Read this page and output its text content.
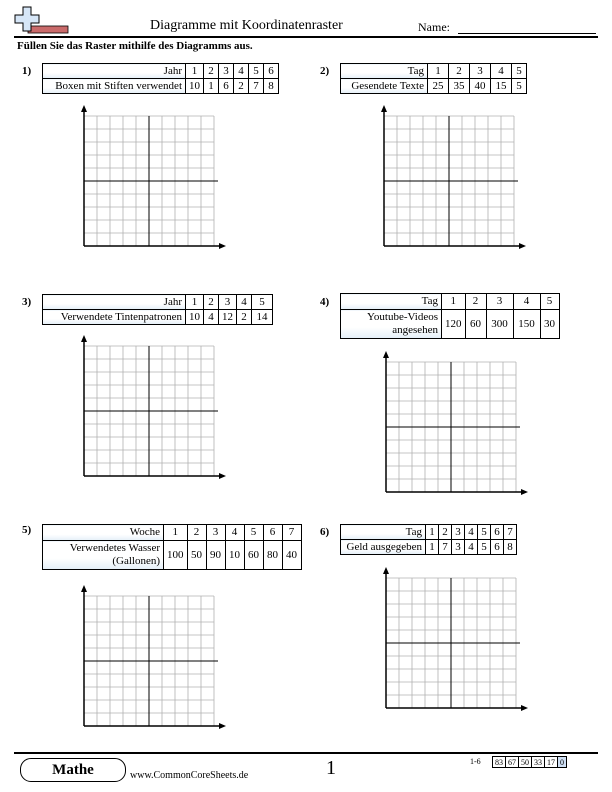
Diagramme mit Koordinatenraster	Name:
Füllen Sie das Raster mithilfe des Diagramms aus.
1)	Jahr	1	2	3	4	5	6
Boxen mit Stiften verwendet	10	1	6	2	7	8
2)	Tag	1	2	3	4	5
Gesendete Texte	25	35	40	15	5
3)	Jahr	1	2	3	4	5
Verwendete Tintenpatronen	10	4	12	2	14
4)	Tag	1	2	3	4	5

Youtube-Videos
angesehen	120	60	300	150	30
5)	Woche	1	2	3	4	5	6	7

Verwendetes Wasser
(Gallonen)	100	50	90	10	60	80	40
6)	Tag	1	2	3	4	5	6	7
Geld ausgegeben	1	7	3	4	5	6	8
Mathe	www.CommonCoreSheets.de	1	1-6 83	67	50	33	17	0
